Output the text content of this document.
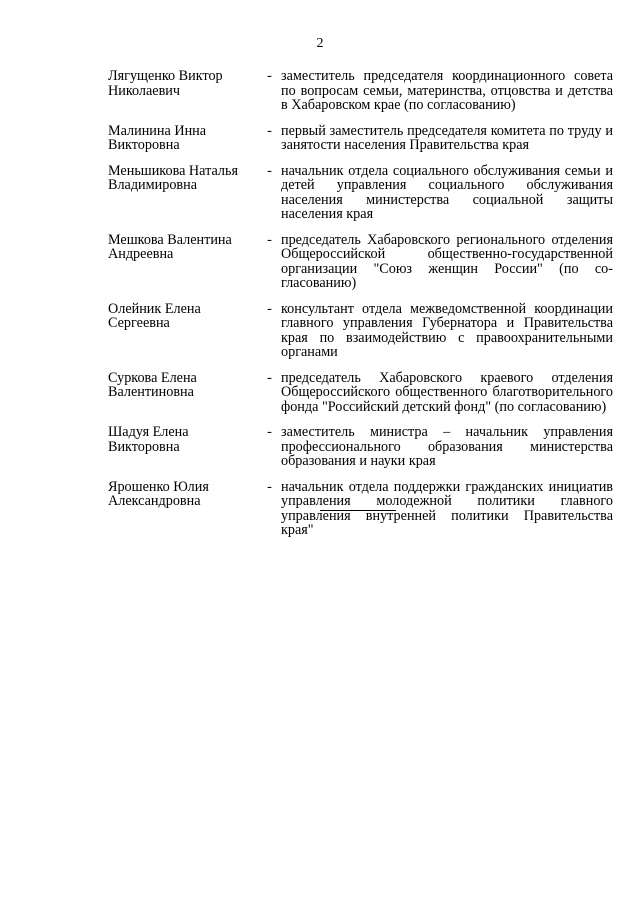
2
Лягущенко Виктор
Николаевич
- заместитель председателя координационного совета по вопросам семьи, материнства, отцовства и детства в Хабаровском крае (по согласованию)
Малинина Инна
Викторовна
- первый заместитель председателя комитета по труду и занятости населения Правительства края
Меньшикова Наталья
Владимировна
- начальник отдела социального обслуживания семьи и детей управления социального обслуживания населения министерства социальной защиты населения края
Мешкова Валентина
Андреевна
- председатель Хабаровского регионального отделения Общероссийской общественно-государственной организации "Союз женщин России" (по согласованию)
Олейник Елена
Сергеевна
- консультант отдела межведомственной координации главного управления Губернатора и Правительства края по взаимодействию с правоохранительными органами
Суркова Елена
Валентиновна
- председатель Хабаровского краевого отделения Общероссийского общественного благотворительного фонда "Российский детский фонд" (по согласованию)
Шадуя Елена
Викторовна
- заместитель министра – начальник управления профессионального образования министерства образования и науки края
Ярошенко Юлия
Александровна
- начальник отдела поддержки гражданских инициатив управления молодежной политики главного управления внутренней политики Правительства края"
